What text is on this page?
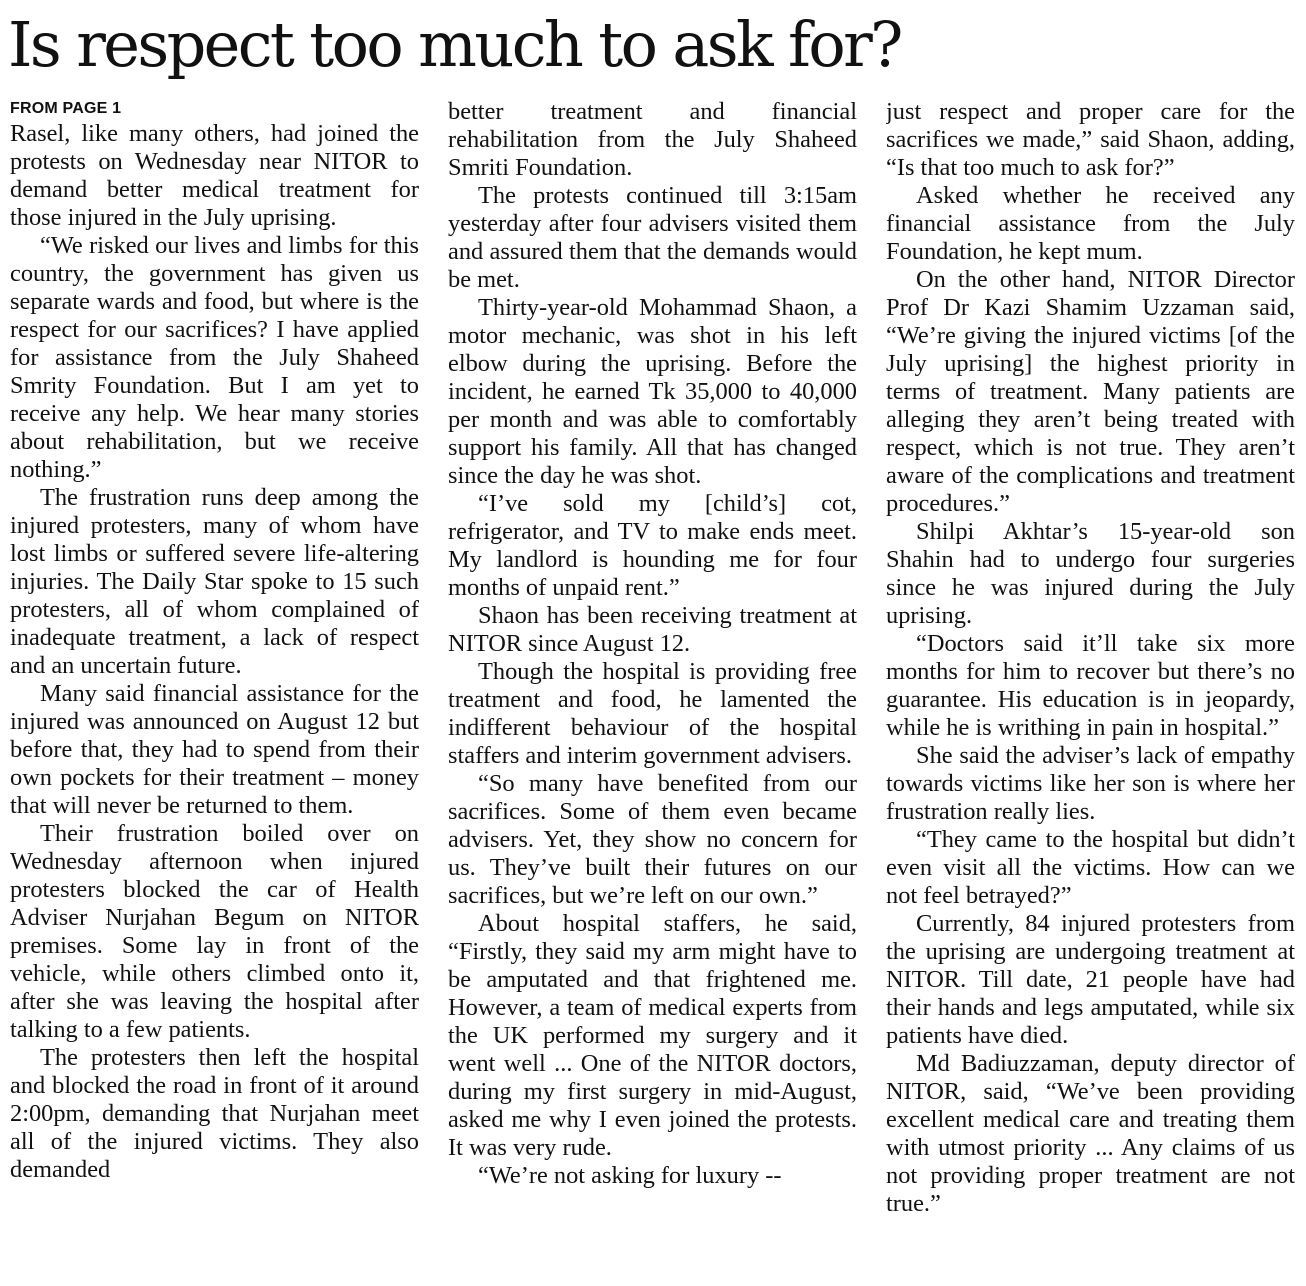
Is respect too much to ask for?
FROM PAGE 1

Rasel, like many others, had joined the protests on Wednesday near NITOR to demand better medical treatment for those injured in the July uprising.

“We risked our lives and limbs for this country, the government has given us separate wards and food, but where is the respect for our sacrifices? I have applied for assistance from the July Shaheed Smrity Foundation. But I am yet to receive any help. We hear many stories about rehabilitation, but we receive nothing.”

The frustration runs deep among the injured protesters, many of whom have lost limbs or suffered severe life-altering injuries. The Daily Star spoke to 15 such protesters, all of whom complained of inadequate treatment, a lack of respect and an uncertain future.

Many said financial assistance for the injured was announced on August 12 but before that, they had to spend from their own pockets for their treatment – money that will never be returned to them.

Their frustration boiled over on Wednesday afternoon when injured protesters blocked the car of Health Adviser Nurjahan Begum on NITOR premises. Some lay in front of the vehicle, while others climbed onto it, after she was leaving the hospital after talking to a few patients.

The protesters then left the hospital and blocked the road in front of it around 2:00pm, demanding that Nurjahan meet all of the injured victims. They also demanded

better treatment and financial rehabilitation from the July Shaheed Smriti Foundation.

The protests continued till 3:15am yesterday after four advisers visited them and assured them that the demands would be met.

Thirty-year-old Mohammad Shaon, a motor mechanic, was shot in his left elbow during the uprising. Before the incident, he earned Tk 35,000 to 40,000 per month and was able to comfortably support his family. All that has changed since the day he was shot.

“I’ve sold my [child’s] cot, refrigerator, and TV to make ends meet. My landlord is hounding me for four months of unpaid rent.”

Shaon has been receiving treatment at NITOR since August 12.

Though the hospital is providing free treatment and food, he lamented the indifferent behaviour of the hospital staffers and interim government advisers.

“So many have benefited from our sacrifices. Some of them even became advisers. Yet, they show no concern for us. They’ve built their futures on our sacrifices, but we’re left on our own.”

About hospital staffers, he said, “Firstly, they said my arm might have to be amputated and that frightened me. However, a team of medical experts from the UK performed my surgery and it went well ... One of the NITOR doctors, during my first surgery in mid-August, asked me why I even joined the protests. It was very rude.

“We’re not asking for luxury --

just respect and proper care for the sacrifices we made,” said Shaon, adding, “Is that too much to ask for?”

Asked whether he received any financial assistance from the July Foundation, he kept mum.

On the other hand, NITOR Director Prof Dr Kazi Shamim Uzzaman said, “We’re giving the injured victims [of the July uprising] the highest priority in terms of treatment. Many patients are alleging they aren’t being treated with respect, which is not true. They aren’t aware of the complications and treatment procedures.”

Shilpi Akhtar’s 15-year-old son Shahin had to undergo four surgeries since he was injured during the July uprising.

“Doctors said it’ll take six more months for him to recover but there’s no guarantee. His education is in jeopardy, while he is writhing in pain in hospital.”

She said the adviser’s lack of empathy towards victims like her son is where her frustration really lies.

“They came to the hospital but didn’t even visit all the victims. How can we not feel betrayed?”

Currently, 84 injured protesters from the uprising are undergoing treatment at NITOR. Till date, 21 people have had their hands and legs amputated, while six patients have died.

Md Badiuzzaman, deputy director of NITOR, said, “We’ve been providing excellent medical care and treating them with utmost priority ... Any claims of us not providing proper treatment are not true.”
